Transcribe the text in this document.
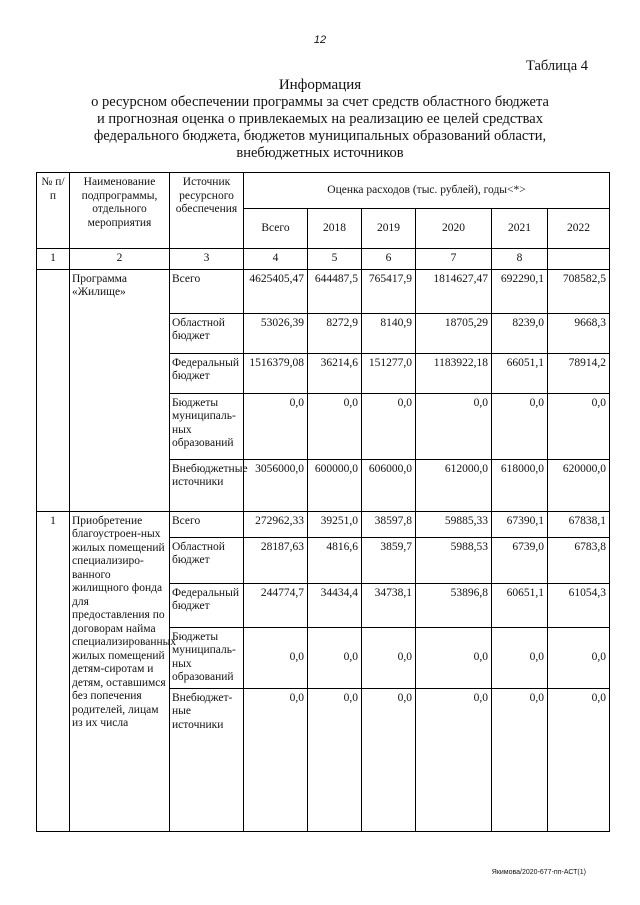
12
Таблица 4
Информация
о ресурсном обеспечении программы за счет средств областного бюджета
и прогнозная оценка о привлекаемых на реализацию ее целей средствах
федерального бюджета, бюджетов муниципальных образований области,
внебюджетных источников
№ п/п	Наименование подпрограммы, отдельного мероприятия	Источник ресурсного обеспечения	Оценка расходов (тыс. рублей), годы<*>					
			Всего	2018	2019	2020	2021	2022
1	2	3	4	5	6	7	8	
	Программа «Жилище»	Всего	4625405,47	644487,5	765417,9	1814627,47	692290,1	708582,5
		Областной бюджет	53026,39	8272,9	8140,9	18705,29	8239,0	9668,3
		Федеральный бюджет	1516379,08	36214,6	151277,0	1183922,18	66051,1	78914,2
		Бюджеты муниципаль-ных образований	0,0	0,0	0,0	0,0	0,0	0,0
		Внебюджетные источники	3056000,0	600000,0	606000,0	612000,0	618000,0	620000,0
1	Приобретение благоустроен-ных жилых помещений специализиро-ванного жилищного фонда для предоставления по договорам найма специализированных жилых помещений детям-сиротам и детям, оставшимся без попечения родителей, лицам из их числа	Всего	272962,33	39251,0	38597,8	59885,33	67390,1	67838,1
		Областной бюджет	28187,63	4816,6	3859,7	5988,53	6739,0	6783,8
		Федеральный бюджет	244774,7	34434,4	34738,1	53896,8	60651,1	61054,3
		Бюджеты муниципаль-ных образований	0,0	0,0	0,0	0,0	0,0	0,0
		Внебюджет-ные источники	0,0	0,0	0,0	0,0	0,0	0,0
Якимова/2020-677-пп-АСТ(1)
